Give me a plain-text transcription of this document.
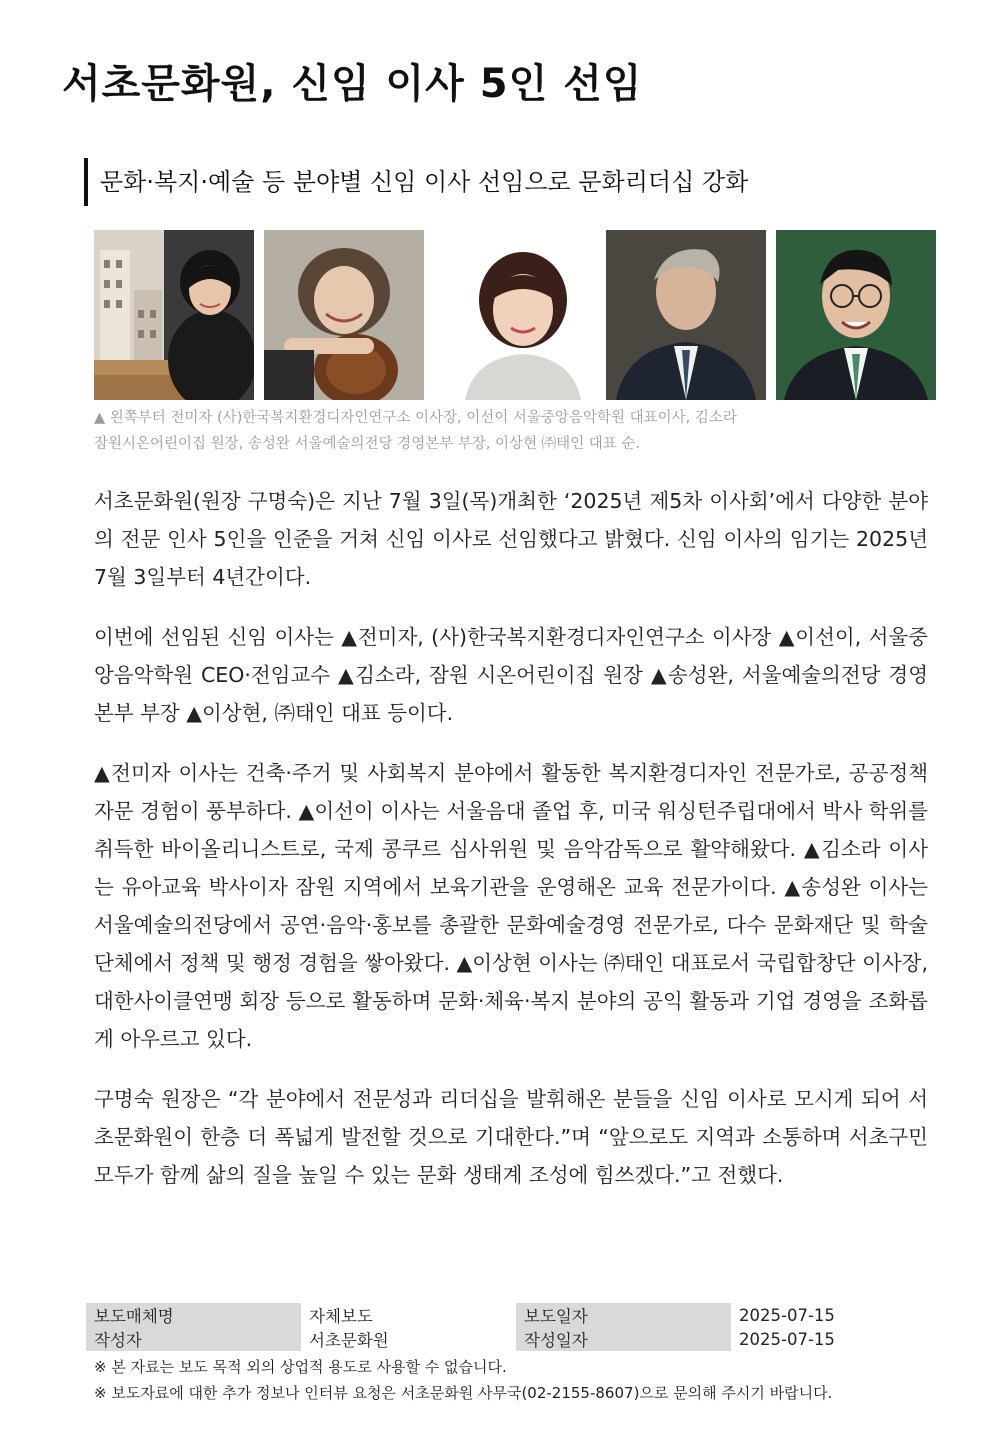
서초문화원, 신임 이사 5인 선임
문화·복지·예술 등 분야별 신임 이사 선임으로 문화리더십 강화

▲ 왼쪽부터 전미자 (사)한국복지환경디자인연구소 이사장, 이선이 서울중앙음악학원 대표이사, 김소라

잠원시온어린이집 원장, 송성완 서울예술의전당 경영본부 부장, 이상현 ㈜태인 대표 순.

서초문화원(원장 구명숙)은 지난 7월 3일(목)개최한 ‘2025년 제5차 이사회’에서 다양한 분야의 전문 인사 5인을 인준을 거쳐 신임 이사로 선임했다고 밝혔다. 신임 이사의 임기는 2025년 7월 3일부터 4년간이다.

이번에 선임된 신임 이사는 ▲전미자, (사)한국복지환경디자인연구소 이사장 ▲이선이, 서울중앙음악학원 CEO·전임교수 ▲김소라, 잠원 시온어린이집 원장 ▲송성완, 서울예술의전당 경영본부 부장 ▲이상현, ㈜태인 대표 등이다.

▲전미자 이사는 건축·주거 및 사회복지 분야에서 활동한 복지환경디자인 전문가로, 공공정책 자문 경험이 풍부하다. ▲이선이 이사는 서울음대 졸업 후, 미국 워싱턴주립대에서 박사 학위를 취득한 바이올리니스트로, 국제 콩쿠르 심사위원 및 음악감독으로 활약해왔다. ▲김소라 이사는 유아교육 박사이자 잠원 지역에서 보육기관을 운영해온 교육 전문가이다. ▲송성완 이사는 서울예술의전당에서 공연·음악·홍보를 총괄한 문화예술경영 전문가로, 다수 문화재단 및 학술단체에서 정책 및 행정 경험을 쌓아왔다. ▲이상현 이사는 ㈜태인 대표로서 국립합창단 이사장, 대한사이클연맹 회장 등으로 활동하며 문화·체육·복지 분야의 공익 활동과 기업 경영을 조화롭게 아우르고 있다.

구명숙 원장은 “각 분야에서 전문성과 리더십을 발휘해온 분들을 신임 이사로 모시게 되어 서초문화원이 한층 더 폭넓게 발전할 것으로 기대한다.”며 “앞으로도 지역과 소통하며 서초구민 모두가 함께 삶의 질을 높일 수 있는 문화 생태계 조성에 힘쓰겠다.”고 전했다.

보도매체명	자체보도	보도일자	2025-07-15
작성자	서초문화원	작성일자	2025-07-15

※ 본 자료는 보도 목적 외의 상업적 용도로 사용할 수 없습니다.

※ 보도자료에 대한 추가 정보나 인터뷰 요청은 서초문화원 사무국(02-2155-8607)으로 문의해 주시기 바랍니다.
